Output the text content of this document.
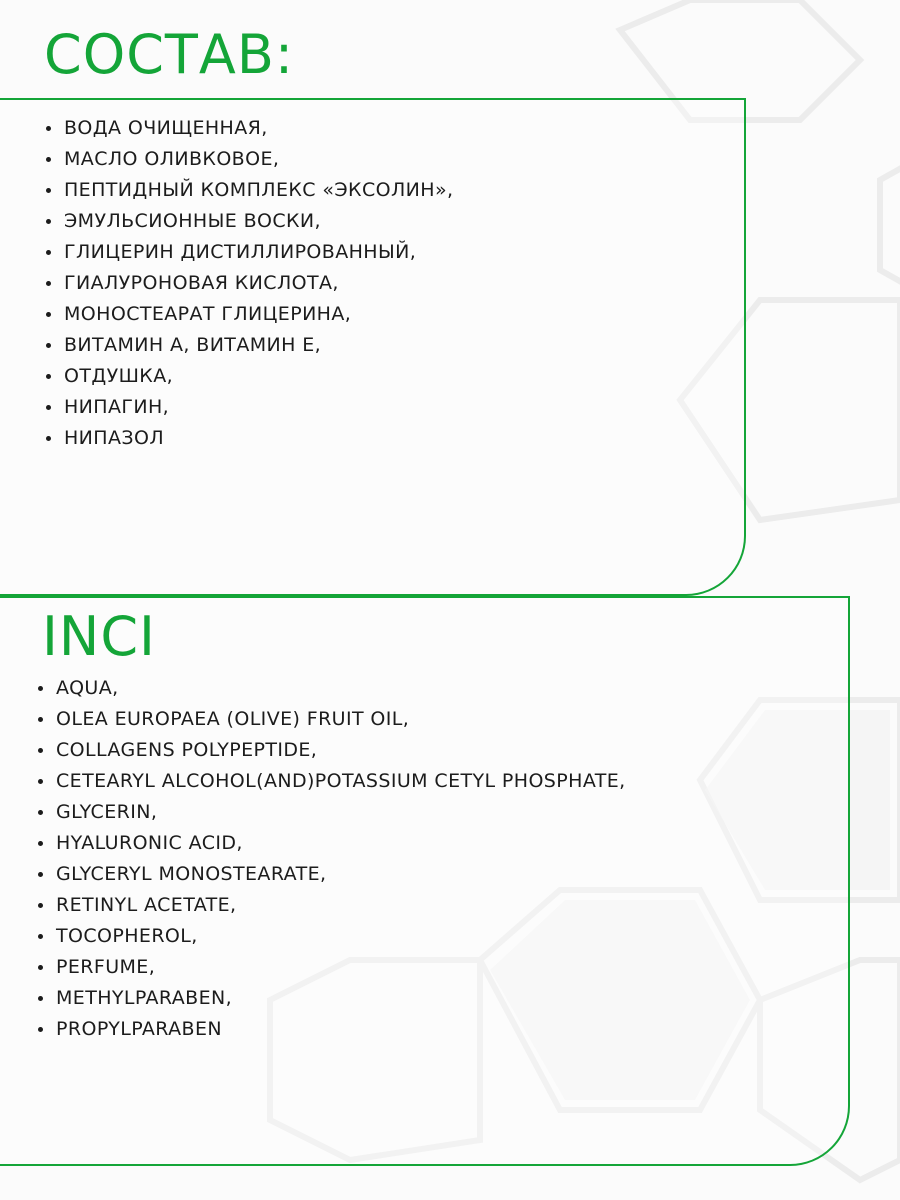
СОСТАВ:
ВОДА ОЧИЩЕННАЯ,
МАСЛО ОЛИВКОВОЕ,
ПЕПТИДНЫЙ КОМПЛЕКС «ЭКСОЛИН»,
ЭМУЛЬСИОННЫЕ ВОСКИ,
ГЛИЦЕРИН ДИСТИЛЛИРОВАННЫЙ,
ГИАЛУРОНОВАЯ КИСЛОТА,
МОНОСТЕАРАТ ГЛИЦЕРИНА,
ВИТАМИН А, ВИТАМИН Е,
ОТДУШКА,
НИПАГИН,
НИПАЗОЛ
INCI
AQUA,
OLEA EUROPAEA (OLIVE) FRUIT OIL,
COLLAGENS POLYPEPTIDE,
CETEARYL ALCOHOL(AND)POTASSIUM CETYL PHOSPHATE,
GLYCERIN,
HYALURONIC ACID,
GLYCERYL MONOSTEARATE,
RETINYL ACETATE,
TOCOPHEROL,
PERFUME,
METHYLPARABEN,
PROPYLPARABEN
